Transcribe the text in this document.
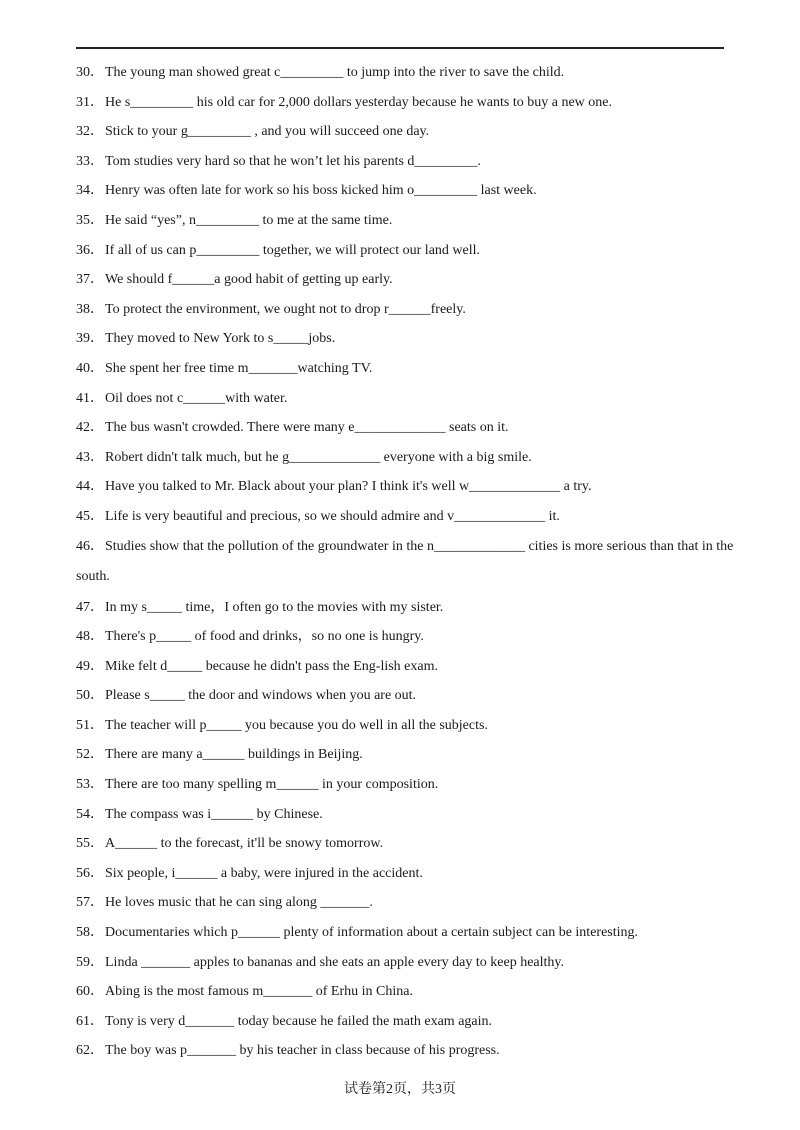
30．The young man showed great c_________ to jump into the river to save the child.
31．He s_________ his old car for 2,000 dollars yesterday because he wants to buy a new one.
32．Stick to your g_________ , and you will succeed one day.
33．Tom studies very hard so that he won’t let his parents d_________.
34．Henry was often late for work so his boss kicked him o_________ last week.
35．He said “yes”, n_________ to me at the same time.
36．If all of us can p_________ together, we will protect our land well.
37．We should f______a good habit of getting up early.
38．To protect the environment, we ought not to drop r______freely.
39．They moved to New York to s_____jobs.
40．She spent her free time m_______watching TV.
41．Oil does not c______with water.
42．The bus wasn't crowded. There were many e_____________ seats on it.
43．Robert didn't talk much, but he g_____________ everyone with a big smile.
44．Have you talked to Mr. Black about your plan? I think it's well w_____________ a try.
45．Life is very beautiful and precious, so we should admire and v_____________ it.
46．Studies show that the pollution of the groundwater in the n_____________ cities is more serious than that in the south.
47．In my s_____ time，I often go to the movies with my sister.
48．There's p_____ of food and drinks，so no one is hungry.
49．Mike felt d_____ because he didn't pass the Eng-lish exam.
50．Please s_____ the door and windows when you are out.
51．The teacher will p_____ you because you do well in all the subjects.
52．There are many a______ buildings in Beijing.
53．There are too many spelling m______ in your composition.
54．The compass was i______ by Chinese.
55．A______ to the forecast, it'll be snowy tomorrow.
56．Six people, i______ a baby, were injured in the accident.
57．He loves music that he can sing along _______.
58．Documentaries which p______ plenty of information about a certain subject can be interesting.
59．Linda _______ apples to bananas and she eats an apple every day to keep healthy.
60．Abing is the most famous m_______ of Erhu in China.
61．Tony is very d_______ today because he failed the math exam again.
62．The boy was p_______ by his teacher in class because of his progress.
试卷第2页，共3页
